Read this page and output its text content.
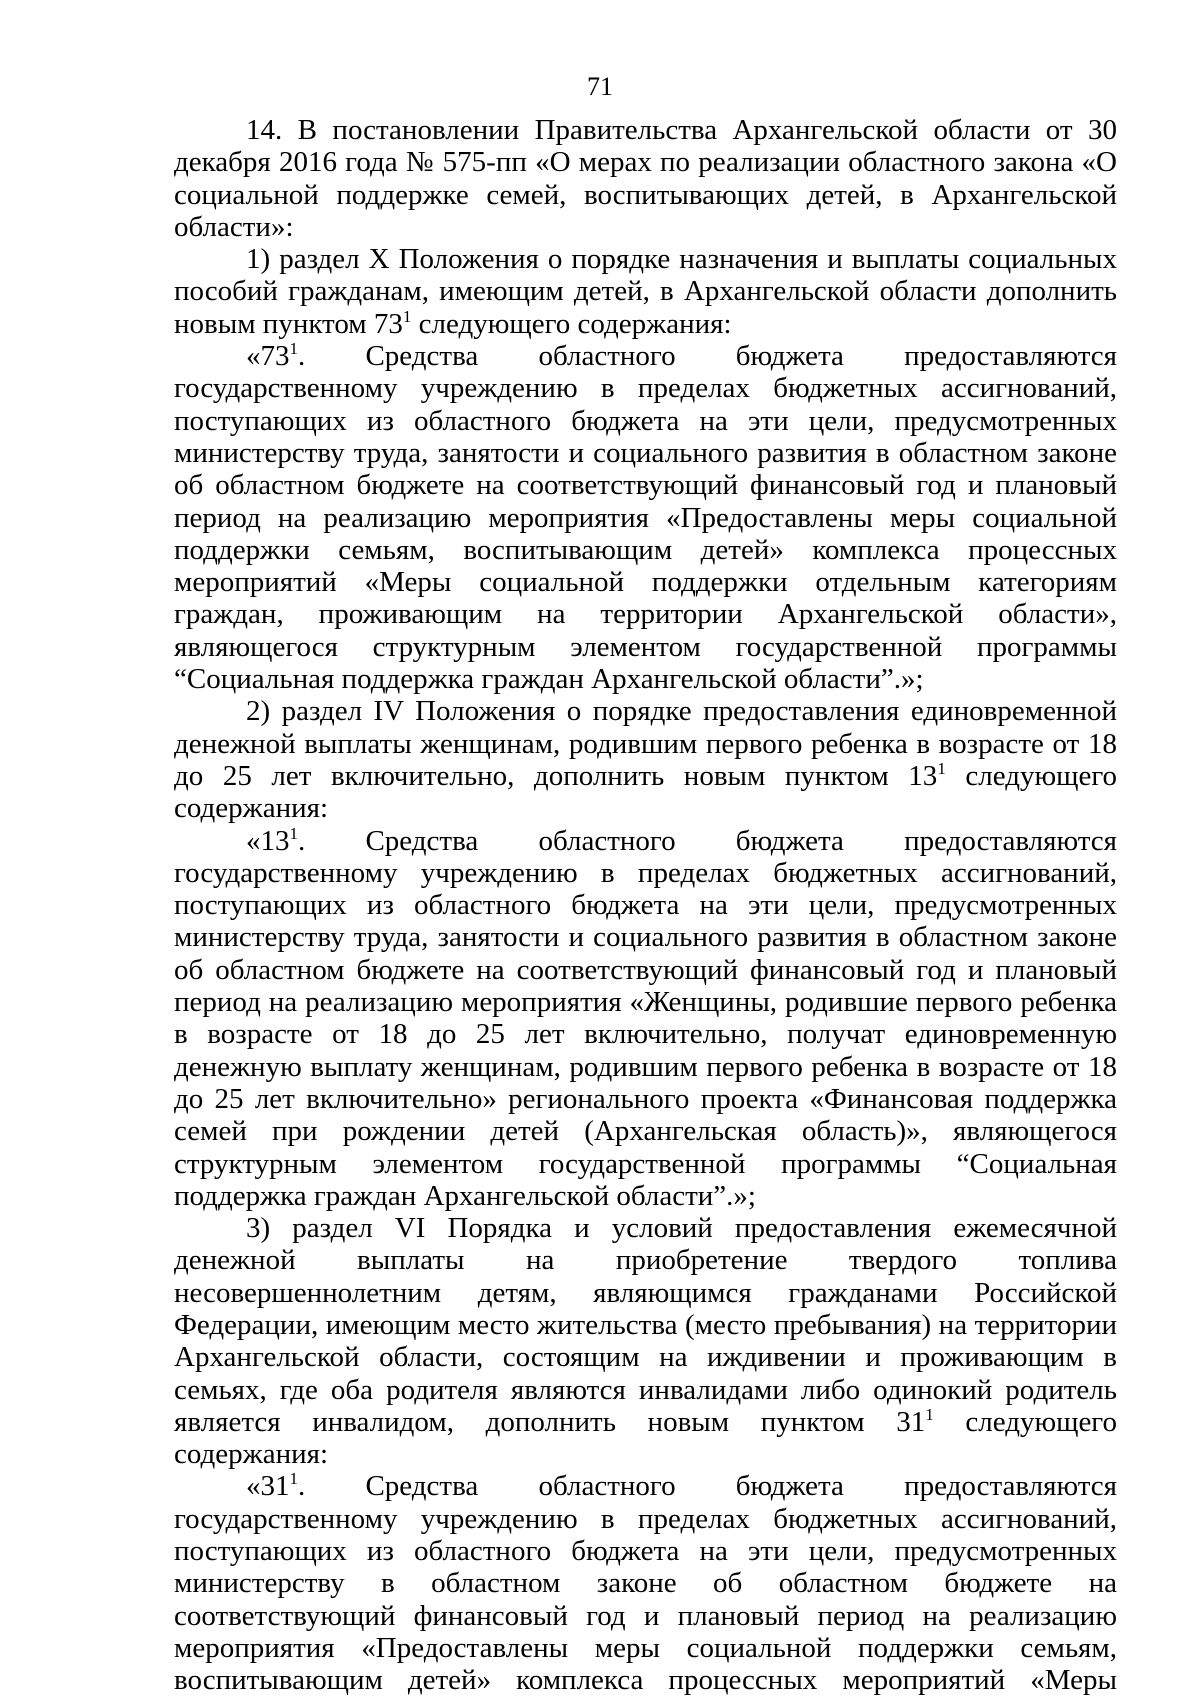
71

14. В постановлении Правительства Архангельской области от 30 декабря 2016 года № 575-пп «О мерах по реализации областного закона «О социальной поддержке семей, воспитывающих детей, в Архангельской области»:

1) раздел X Положения о порядке назначения и выплаты социальных пособий гражданам, имеющим детей, в Архангельской области дополнить новым пунктом $73^1$ следующего содержания:

«$73^1$. Средства областного бюджета предоставляются государственному учреждению в пределах бюджетных ассигнований, поступающих из областного бюджета на эти цели, предусмотренных министерству труда, занятости и социального развития в областном законе об областном бюджете на соответствующий финансовый год и плановый период на реализацию мероприятия «Предоставлены меры социальной поддержки семьям, воспитывающим детей» комплекса процессных мероприятий «Меры социальной поддержки отдельным категориям граждан, проживающим на территории Архангельской области», являющегося структурным элементом государственной программы “Социальная поддержка граждан Архангельской области”.»;

2) раздел IV Положения о порядке предоставления единовременной денежной выплаты женщинам, родившим первого ребенка в возрасте от 18 до 25 лет включительно, дополнить новым пунктом $13^1$ следующего содержания:

«$13^1$. Средства областного бюджета предоставляются государственному учреждению в пределах бюджетных ассигнований, поступающих из областного бюджета на эти цели, предусмотренных министерству труда, занятости и социального развития в областном законе об областном бюджете на соответствующий финансовый год и плановый период на реализацию мероприятия «Женщины, родившие первого ребенка в возрасте от 18 до 25 лет включительно, получат единовременную денежную выплату женщинам, родившим первого ребенка в возрасте от 18 до 25 лет включительно» регионального проекта «Финансовая поддержка семей при рождении детей (Архангельская область)», являющегося структурным элементом государственной программы “Социальная поддержка граждан Архангельской области”.»;

3) раздел VI Порядка и условий предоставления ежемесячной денежной выплаты на приобретение твердого топлива несовершеннолетним детям, являющимся гражданами Российской Федерации, имеющим место жительства (место пребывания) на территории Архангельской области, состоящим на иждивении и проживающим в семьях, где оба родителя являются инвалидами либо одинокий родитель является инвалидом, дополнить новым пунктом $31^1$ следующего содержания:

«$31^1$. Средства областного бюджета предоставляются государственному учреждению в пределах бюджетных ассигнований, поступающих из областного бюджета на эти цели, предусмотренных министерству в областном законе об областном бюджете на соответствующий финансовый год и плановый период на реализацию мероприятия «Предоставлены меры социальной поддержки семьям, воспитывающим детей» комплекса процессных мероприятий «Меры
